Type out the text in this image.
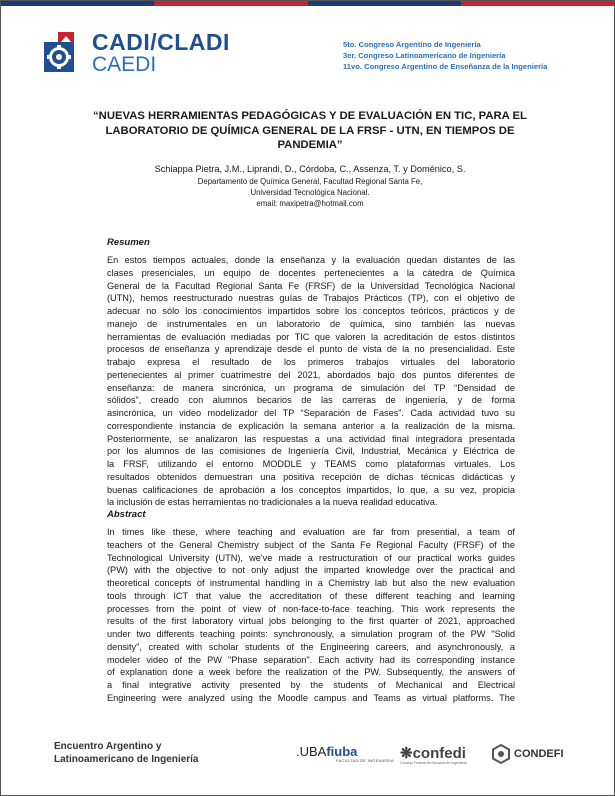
CADI/CLADI
CAEDI
5to. Congreso Argentino de Ingeniería
3er. Congreso Latinoamericano de Ingeniería
11vo. Congreso Argentino de Enseñanza de la Ingeniería
“NUEVAS HERRAMIENTAS PEDAGÓGICAS Y DE EVALUACIÓN EN TIC, PARA EL
LABORATORIO DE QUÍMICA GENERAL DE LA FRSF - UTN, EN TIEMPOS DE
PANDEMIA”
Schiappa Pietra, J.M., Liprandi, D., Córdoba, C., Assenza, T. y Doménico, S.
Departamento de Química General, Facultad Regional Santa Fe,
Universidad Tecnológica Nacional.
email: maxipetra@hotmail.com
Resumen
En estos tiempos actuales, donde la enseñanza y la evaluación quedan distantes de las
clases presenciales, un equipo de docentes pertenecientes a la cátedra de Química
General de la Facultad Regional Santa Fe (FRSF) de la Universidad Tecnológica Nacional
(UTN), hemos reestructurado nuestras guías de Trabajos Prácticos (TP), con el objetivo de
adecuar no sólo los conocimientos impartidos sobre los conceptos teóricos, prácticos y de
manejo de instrumentales en un laboratorio de química, sino también las nuevas
herramientas de evaluación mediadas por TIC que valoren la acreditación de estos distintos
procesos de enseñanza y aprendizaje desde el punto de vista de la no presencialidad. Este
trabajo expresa el resultado de los primeros trabajos virtuales del laboratorio
pertenecientes al primer cuatrimestre del 2021, abordados bajo dos puntos diferentes de
enseñanza: de manera sincrónica, un programa de simulación del TP “Densidad de
sólidos”, creado con alumnos becarios de las carreras de ingeniería, y de forma
asincrónica, un video modelizador del TP “Separación de Fases”. Cada actividad tuvo su
correspondiente instancia de explicación la semana anterior a la realización de la misma.
Posteriormente, se analizaron las respuestas a una actividad final integradora presentada
por los alumnos de las comisiones de Ingeniería Civil, Industrial, Mecánica y Eléctrica de
la FRSF, utilizando el entorno MODDLE y TEAMS como plataformas virtuales. Los
resultados obtenidos demuestran una positiva recepción de dichas técnicas didácticas y
buenas calificaciones de aprobación a los conceptos impartidos, lo que, a su vez, propicia
la inclusión de estas herramientas no tradicionales a la nueva realidad educativa.
Abstract
In times like these, where teaching and evaluation are far from presential, a team of
teachers of the General Chemistry subject of the Santa Fe Regional Faculty (FRSF) of the
Technological University (UTN), we've made a restructuration of our practical works guides
(PW) with the objective to not only adjust the imparted knowledge over the practical and
theoretical concepts of instrumental handling in a Chemistry lab but also the new evaluation
tools through ICT that value the accreditation of these different teaching and learning
processes from the point of view of non-face-to-face teaching. This work represents the
results of the first laboratory virtual jobs belonging to the first quarter of 2021, approached
under two differents teaching points: synchronously, a simulation program of the PW "Solid
density", created with scholar students of the Engineering careers, and asynchronously, a
modeler video of the PW "Phase separation". Each activity had its corresponding instance
of explanation done a week before the realization of the PW. Subsequently, the answers of
a final integrative activity presented by the students of Mechanical and Electrical
Engineering were analyzed using the Moodle campus and Teams as virtual platforms. The
Encuentro Argentino y
Latinoamericano de Ingeniería	.UBAfiuba
FACULTAD DE INGENIERÍA ❋confedi
Consejo Federal de Decanos de Ingeniería
CONDEFI
